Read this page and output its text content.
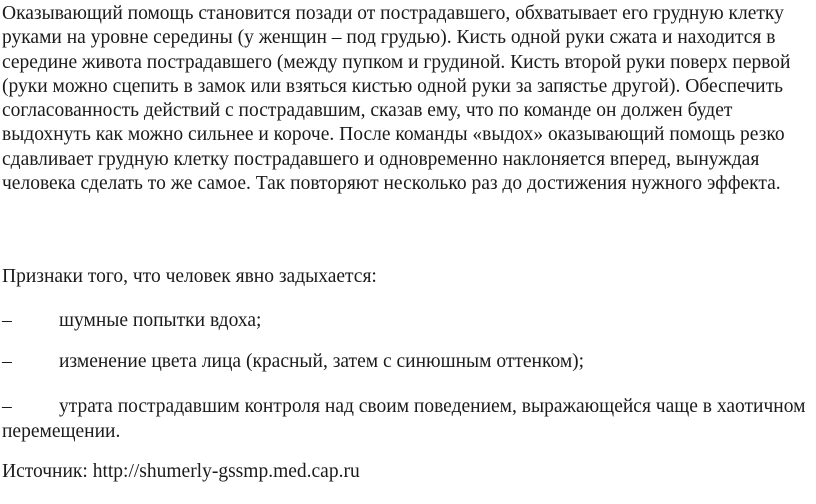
Оказывающий помощь становится позади от пострадавшего, обхватывает его грудную клетку
руками на уровне середины (у женщин – под грудью). Кисть одной руки сжата и находится в
середине живота пострадавшего (между пупком и грудиной. Кисть второй руки поверх первой
(руки можно сцепить в замок или взяться кистью одной руки за запястье другой). Обеспечить
согласованность действий с пострадавшим, сказав ему, что по команде он должен будет
выдохнуть как можно сильнее и короче. После команды «выдох» оказывающий помощь резко
сдавливает грудную клетку пострадавшего и одновременно наклоняется вперед, вынуждая
человека сделать то же самое. Так повторяют несколько раз до достижения нужного эффекта.

Признаки того, что человек явно задыхается:

– шумные попытки вдоха;

– изменение цвета лица (красный, затем с синюшным оттенком);

– утрата пострадавшим контроля над своим поведением, выражающейся чаще в хаотичном
перемещении.

Источник: http://shumerly-gssmp.med.cap.ru
